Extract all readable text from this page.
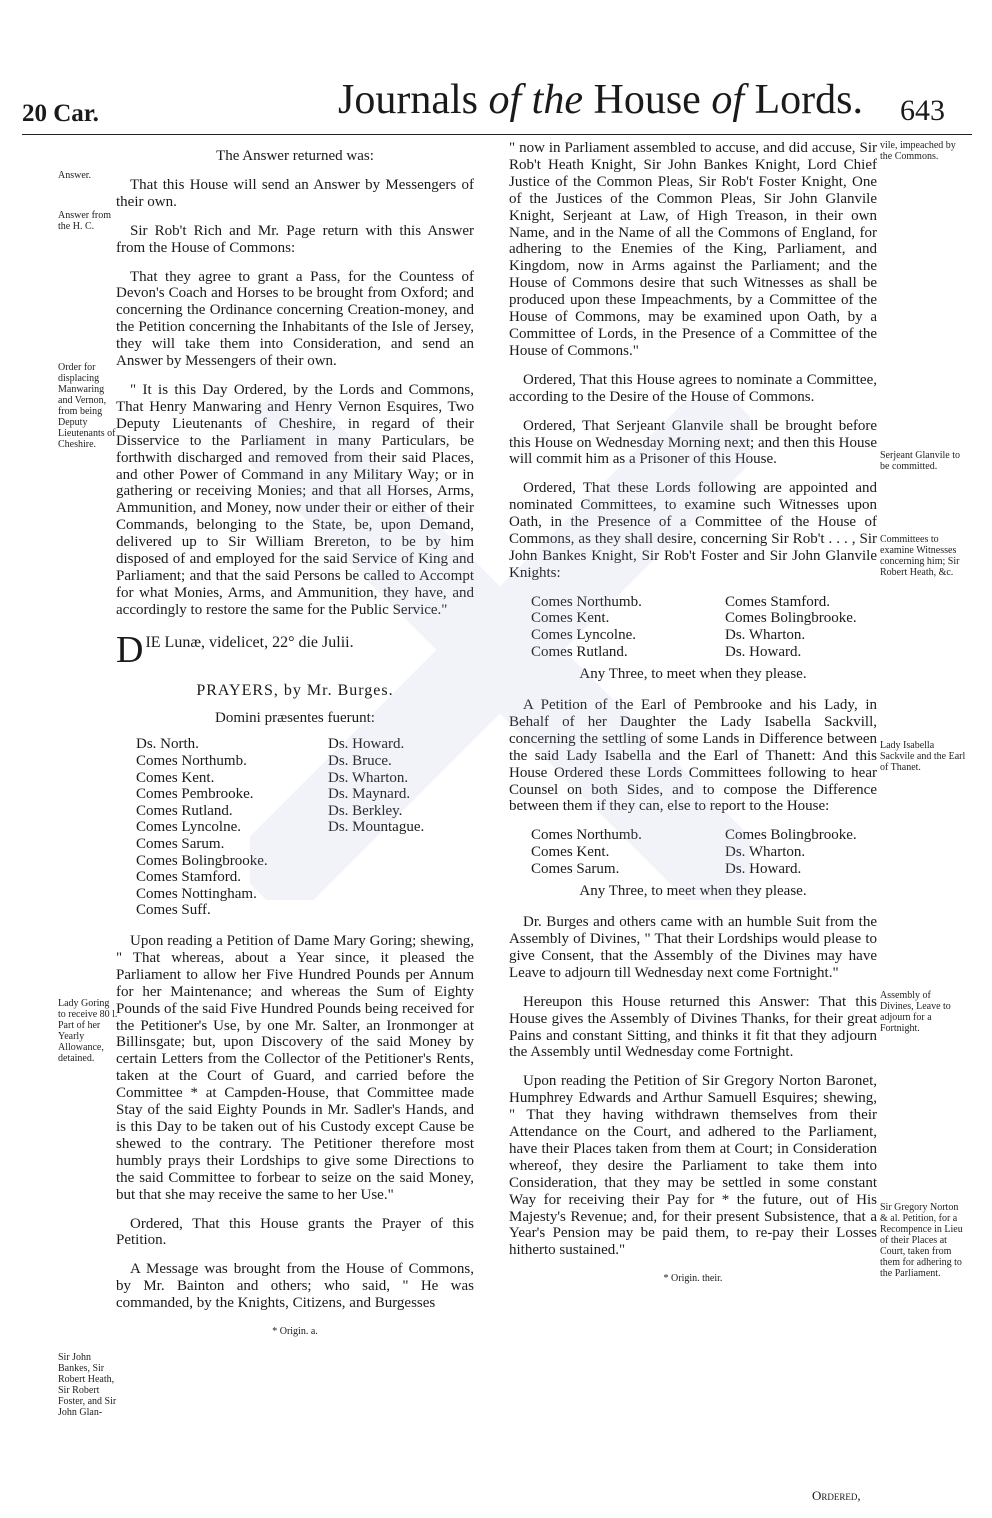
20 Car.	Journals of the House of Lords. 643
Answer.
Answer from the H. C.
Order for displacing Manwaring and Vernon, from being Deputy Lieutenants of Cheshire.
Lady Goring to receive 80 l. Part of her Yearly Allowance, detained.
Sir John Bankes, Sir Robert Heath, Sir Robert Foster, and Sir John Glan-
vile, impeached by the Commons.
Serjeant Glanvile to be committed.
Committees to examine Witnesses concerning him; Sir Robert Heath, &c.
Lady Isabella Sackvile and the Earl of Thanet.
Assembly of Divines, Leave to adjourn for a Fortnight.
Sir Gregory Norton & al. Petition, for a Recompence in Lieu of their Places at Court, taken from them for adhering to the Parliament.

The Answer returned was:

That this House will send an Answer by Messengers of their own.

Sir Rob't Rich and Mr. Page return with this Answer from the House of Commons:

That they agree to grant a Pass, for the Countess of Devon's Coach and Horses to be brought from Oxford; and concerning the Ordinance concerning Creation-money, and the Petition concerning the Inhabitants of the Isle of Jersey, they will take them into Consideration, and send an Answer by Messengers of their own.

" It is this Day Ordered, by the Lords and Commons, That Henry Manwaring and Henry Vernon Esquires, Two Deputy Lieutenants of Cheshire, in regard of their Disservice to the Parliament in many Particulars, be forthwith discharged and removed from their said Places, and other Power of Command in any Military Way; or in gathering or receiving Monies; and that all Horses, Arms, Ammunition, and Money, now under their or either of their Commands, belonging to the State, be, upon Demand, delivered up to Sir William Brereton, to be by him disposed of and employed for the said Service of King and Parliament; and that the said Persons be called to Accompt for what Monies, Arms, and Ammunition, they have, and accordingly to restore the same for the Public Service."

D IE Lunæ, videlicet, 22° die Julii.
PRAYERS, by Mr. Burges.
Domini præsentes fuerunt:
Ds. North.
Comes Northumb.
Comes Kent.
Comes Pembrooke.
Comes Rutland.
Comes Lyncolne.
Comes Sarum.
Comes Bolingbrooke.
Comes Stamford.
Comes Nottingham.
Comes Suff.
Ds. Howard.
Ds. Bruce.
Ds. Wharton.
Ds. Maynard.
Ds. Berkley.
Ds. Mountague.

Upon reading a Petition of Dame Mary Goring; shewing, " That whereas, about a Year since, it pleased the Parliament to allow her Five Hundred Pounds per Annum for her Maintenance; and whereas the Sum of Eighty Pounds of the said Five Hundred Pounds being received for the Petitioner's Use, by one Mr. Salter, an Ironmonger at Billinsgate; but, upon Discovery of the said Money by certain Letters from the Collector of the Petitioner's Rents, taken at the Court of Guard, and carried before the Committee * at Campden-House, that Committee made Stay of the said Eighty Pounds in Mr. Sadler's Hands, and is this Day to be taken out of his Custody except Cause be shewed to the contrary. The Petitioner therefore most humbly prays their Lordships to give some Directions to the said Committee to forbear to seize on the said Money, but that she may receive the same to her Use."

Ordered, That this House grants the Prayer of this Petition.

A Message was brought from the House of Commons, by Mr. Bainton and others; who said, " He was commanded, by the Knights, Citizens, and Burgesses

* Origin. a.

" now in Parliament assembled to accuse, and did accuse, Sir Rob't Heath Knight, Sir John Bankes Knight, Lord Chief Justice of the Common Pleas, Sir Rob't Foster Knight, One of the Justices of the Common Pleas, Sir John Glanvile Knight, Serjeant at Law, of High Treason, in their own Name, and in the Name of all the Commons of England, for adhering to the Enemies of the King, Parliament, and Kingdom, now in Arms against the Parliament; and the House of Commons desire that such Witnesses as shall be produced upon these Impeachments, by a Committee of the House of Commons, may be examined upon Oath, by a Committee of Lords, in the Presence of a Committee of the House of Commons."

Ordered, That this House agrees to nominate a Committee, according to the Desire of the House of Commons.

Ordered, That Serjeant Glanvile shall be brought before this House on Wednesday Morning next; and then this House will commit him as a Prisoner of this House.

Ordered, That these Lords following are appointed and nominated Committees, to examine such Witnesses upon Oath, in the Presence of a Committee of the House of Commons, as they shall desire, concerning Sir Rob't . . . , Sir John Bankes Knight, Sir Rob't Foster and Sir John Glanvile Knights:

Comes Northumb.
Comes Kent.
Comes Lyncolne.
Comes Rutland.
Comes Stamford.
Comes Bolingbrooke.
Ds. Wharton.
Ds. Howard.
Any Three, to meet when they please.

A Petition of the Earl of Pembrooke and his Lady, in Behalf of her Daughter the Lady Isabella Sackvill, concerning the settling of some Lands in Difference between the said Lady Isabella and the Earl of Thanett: And this House Ordered these Lords Committees following to hear Counsel on both Sides, and to compose the Difference between them if they can, else to report to the House:

Comes Northumb.
Comes Kent.
Comes Sarum.
Comes Bolingbrooke.
Ds. Wharton.
Ds. Howard.
Any Three, to meet when they please.

Dr. Burges and others came with an humble Suit from the Assembly of Divines, " That their Lordships would please to give Consent, that the Assembly of the Divines may have Leave to adjourn till Wednesday next come Fortnight."

Hereupon this House returned this Answer: That this House gives the Assembly of Divines Thanks, for their great Pains and constant Sitting, and thinks it fit that they adjourn the Assembly until Wednesday come Fortnight.

Upon reading the Petition of Sir Gregory Norton Baronet, Humphrey Edwards and Arthur Samuell Esquires; shewing, " That they having withdrawn themselves from their Attendance on the Court, and adhered to the Parliament, have their Places taken from them at Court; in Consideration whereof, they desire the Parliament to take them into Consideration, that they may be settled in some constant Way for receiving their Pay for * the future, out of His Majesty's Revenue; and, for their present Subsistence, that a Year's Pension may be paid them, to re-pay their Losses hitherto sustained."

* Origin. their.
Ordered,
